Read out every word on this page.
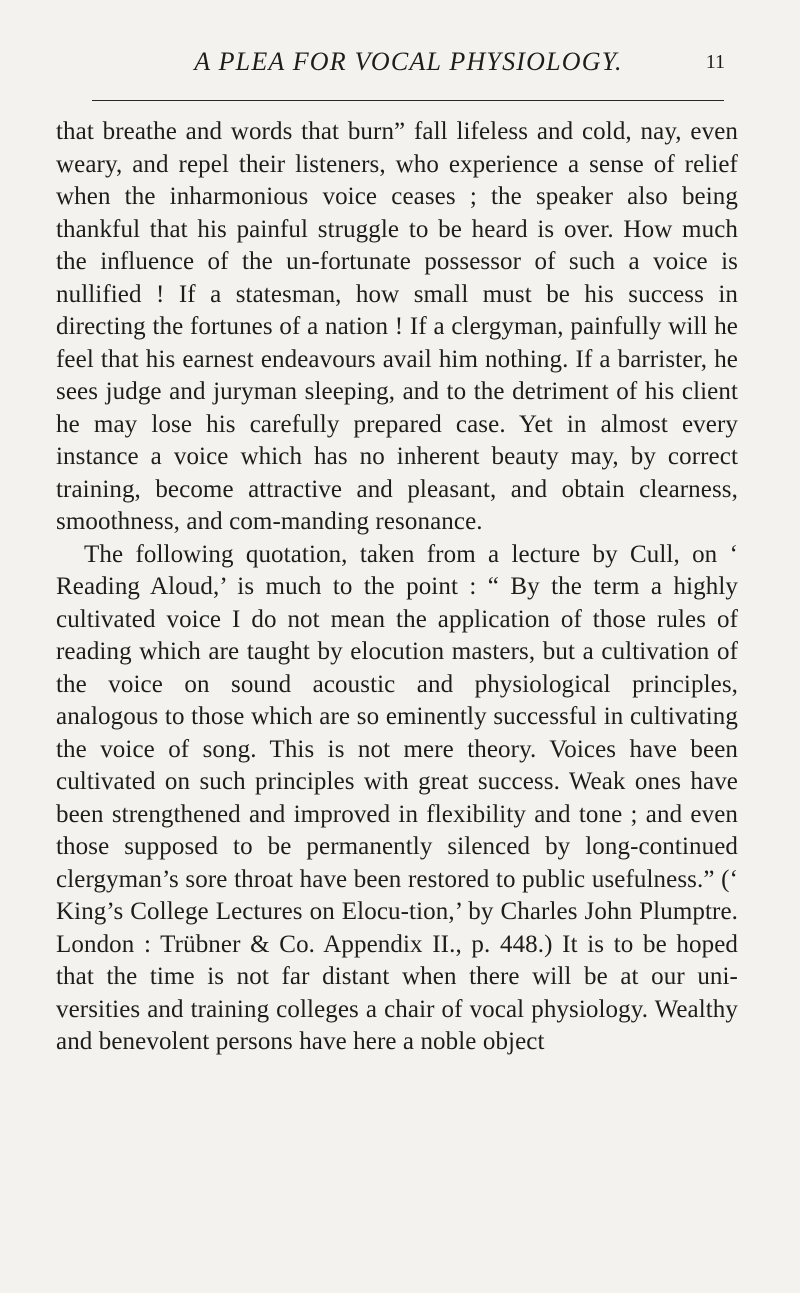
A PLEA FOR VOCAL PHYSIOLOGY.	11

that breathe and words that burn” fall lifeless and cold, nay, even weary, and repel their listeners, who experience a sense of relief when the inharmonious voice ceases ; the speaker also being thankful that his painful struggle to be heard is over. How much the influence of the un-fortunate possessor of such a voice is nullified ! If a statesman, how small must be his success in directing the fortunes of a nation ! If a clergyman, painfully will he feel that his earnest endeavours avail him nothing. If a barrister, he sees judge and juryman sleeping, and to the detriment of his client he may lose his carefully prepared case. Yet in almost every instance a voice which has no inherent beauty may, by correct training, become attractive and pleasant, and obtain clearness, smoothness, and com-manding resonance.

The following quotation, taken from a lecture by Cull, on ‘ Reading Aloud,’ is much to the point : “ By the term a highly cultivated voice I do not mean the application of those rules of reading which are taught by elocution masters, but a cultivation of the voice on sound acoustic and physiological principles, analogous to those which are so eminently successful in cultivating the voice of song. This is not mere theory. Voices have been cultivated on such principles with great success. Weak ones have been strengthened and improved in flexibility and tone ; and even those supposed to be permanently silenced by long-continued clergyman’s sore throat have been restored to public usefulness.” (‘ King’s College Lectures on Elocu-tion,’ by Charles John Plumptre. London : Trübner & Co. Appendix II., p. 448.) It is to be hoped that the time is not far distant when there will be at our uni-versities and training colleges a chair of vocal physiology. Wealthy and benevolent persons have here a noble object
